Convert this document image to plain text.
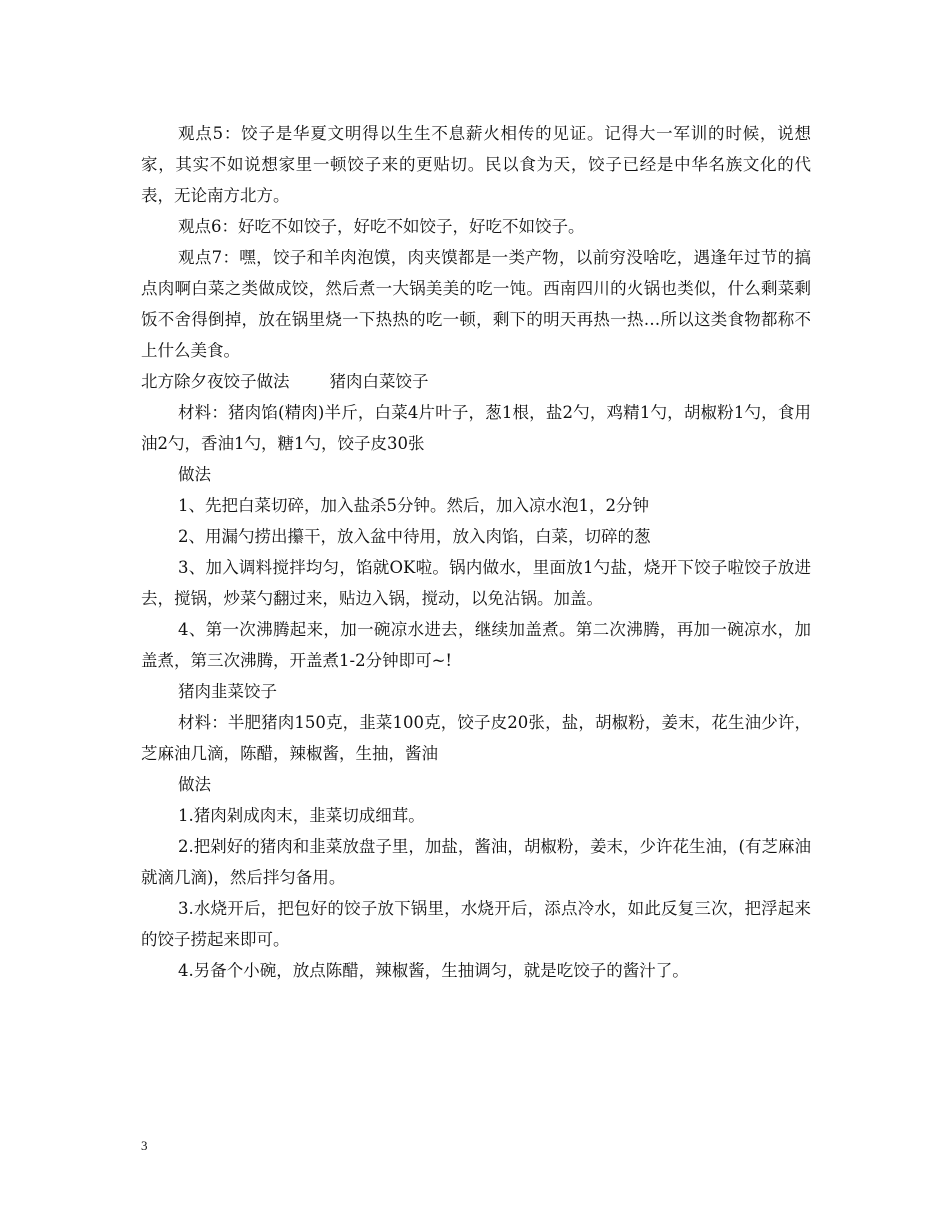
观点5：饺子是华夏文明得以生生不息薪火相传的见证。记得大一军训的时候，说想家，其实不如说想家里一顿饺子来的更贴切。民以食为天，饺子已经是中华名族文化的代表，无论南方北方。

观点6：好吃不如饺子，好吃不如饺子，好吃不如饺子。

观点7：嘿，饺子和羊肉泡馍，肉夹馍都是一类产物，以前穷没啥吃，遇逢年过节的搞点肉啊白菜之类做成饺，然后煮一大锅美美的吃一饨。西南四川的火锅也类似，什么剩菜剩饭不舍得倒掉，放在锅里烧一下热热的吃一顿，剩下的明天再热一热…所以这类食物都称不上什么美食。

北方除夕夜饺子做法 猪肉白菜饺子

材料：猪肉馅(精肉)半斤，白菜4片叶子，葱1根，盐2勺，鸡精1勺，胡椒粉1勺，食用油2勺，香油1勺，糖1勺，饺子皮30张

做法

1、先把白菜切碎，加入盐杀5分钟。然后，加入凉水泡1，2分钟

2、用漏勺捞出攥干，放入盆中待用，放入肉馅，白菜，切碎的葱

3、加入调料搅拌均匀，馅就OK啦。锅内做水，里面放1勺盐，烧开下饺子啦饺子放进去，搅锅，炒菜勺翻过来，贴边入锅，搅动，以免沾锅。加盖。

4、第一次沸腾起来，加一碗凉水进去，继续加盖煮。第二次沸腾，再加一碗凉水，加盖煮，第三次沸腾，开盖煮1-2分钟即可~!

猪肉韭菜饺子

材料：半肥猪肉150克，韭菜100克，饺子皮20张，盐，胡椒粉，姜末，花生油少许，芝麻油几滴，陈醋，辣椒酱，生抽，酱油

做法

1.猪肉剁成肉末，韭菜切成细茸。

2.把剁好的猪肉和韭菜放盘子里，加盐，酱油，胡椒粉，姜末，少许花生油，(有芝麻油就滴几滴)，然后拌匀备用。

3.水烧开后，把包好的饺子放下锅里，水烧开后，添点冷水，如此反复三次，把浮起来的饺子捞起来即可。

4.另备个小碗，放点陈醋，辣椒酱，生抽调匀，就是吃饺子的酱汁了。

3
